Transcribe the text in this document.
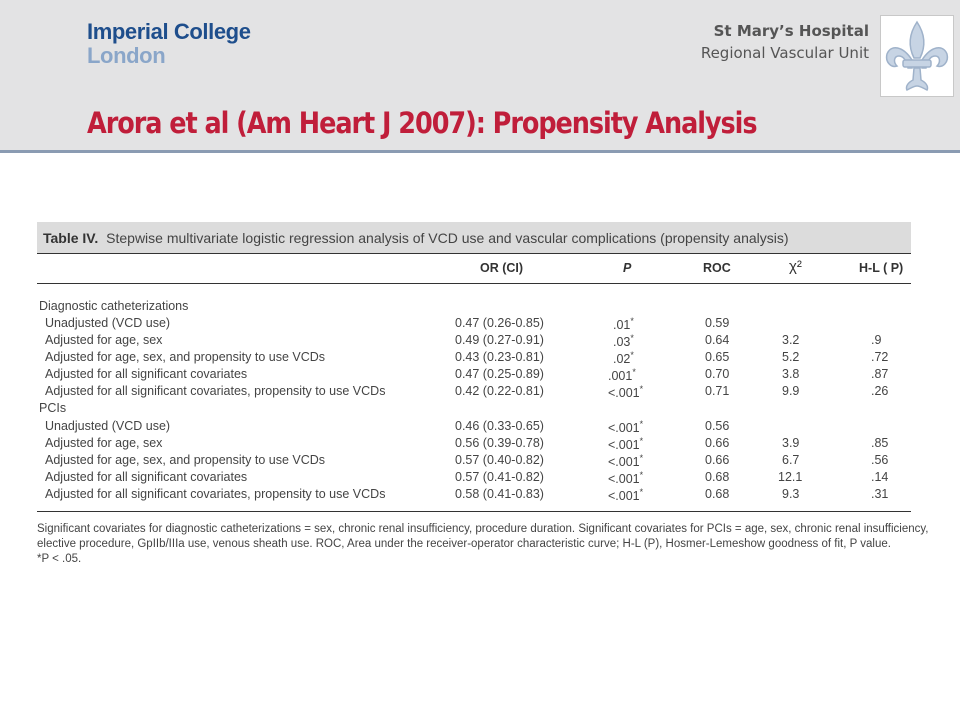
Imperial College
London
St Mary’s Hospital
Regional Vascular Unit
Arora et al (Am Heart J 2007): Propensity Analysis
Table IV. Stepwise multivariate logistic regression analysis of VCD use and vascular complications (propensity analysis)
OR (CI)	P	ROC	χ²	H-L ( P)
Diagnostic catheterizations
Unadjusted (VCD use)	0.47 (0.26-0.85)	.01*	0.59
Adjusted for age, sex	0.49 (0.27-0.91)	.03*	0.64	3.2	.9
Adjusted for age, sex, and propensity to use VCDs	0.43 (0.23-0.81)	.02*	0.65	5.2	.72
Adjusted for all significant covariates	0.47 (0.25-0.89)	.001*	0.70	3.8	.87
Adjusted for all significant covariates, propensity to use VCDs	0.42 (0.22-0.81)	<.001*	0.71	9.9	.26
PCIs
Unadjusted (VCD use)	0.46 (0.33-0.65)	<.001*	0.56
Adjusted for age, sex	0.56 (0.39-0.78)	<.001*	0.66	3.9	.85
Adjusted for age, sex, and propensity to use VCDs	0.57 (0.40-0.82)	<.001*	0.66	6.7	.56
Adjusted for all significant covariates	0.57 (0.41-0.82)	<.001*	0.68	12.1	.14
Adjusted for all significant covariates, propensity to use VCDs	0.58 (0.41-0.83)	<.001*	0.68	9.3	.31
Significant covariates for diagnostic catheterizations = sex, chronic renal insufficiency, procedure duration. Significant covariates for PCIs = age, sex, chronic renal insufficiency,
elective procedure, GpIIb/IIIa use, venous sheath use. ROC, Area under the receiver-operator characteristic curve; H-L (P), Hosmer-Lemeshow goodness of fit, P value.
*P < .05.
